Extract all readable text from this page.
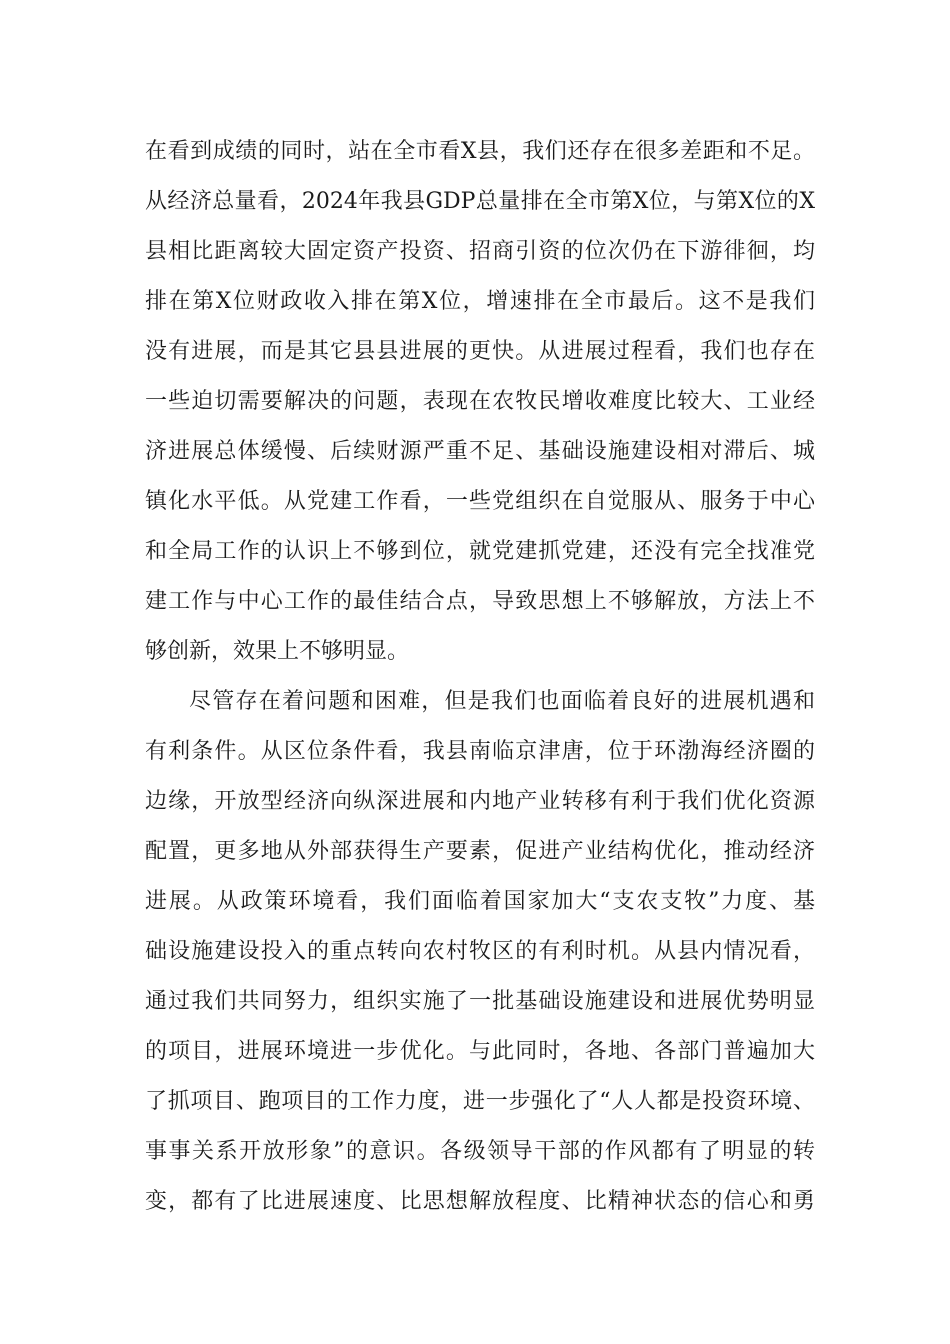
在看到成绩的同时，站在全市看X县，我们还存在很多差距和不足。
从经济总量看，2024年我县GDP总量排在全市第X位，与第X位的X
县相比距离较大固定资产投资、招商引资的位次仍在下游徘徊，均
排在第X位财政收入排在第X位，增速排在全市最后。这不是我们
没有进展，而是其它县县进展的更快。从进展过程看，我们也存在
一些迫切需要解决的问题，表现在农牧民增收难度比较大、工业经
济进展总体缓慢、后续财源严重不足、基础设施建设相对滞后、城
镇化水平低。从党建工作看，一些党组织在自觉服从、服务于中心
和全局工作的认识上不够到位，就党建抓党建，还没有完全找准党
建工作与中心工作的最佳结合点，导致思想上不够解放，方法上不
够创新，效果上不够明显。
尽管存在着问题和困难，但是我们也面临着良好的进展机遇和
有利条件。从区位条件看，我县南临京津唐，位于环渤海经济圈的
边缘，开放型经济向纵深进展和内地产业转移有利于我们优化资源
配置，更多地从外部获得生产要素，促进产业结构优化，推动经济
进展。从政策环境看，我们面临着国家加大“支农支牧”力度、基
础设施建设投入的重点转向农村牧区的有利时机。从县内情况看，
通过我们共同努力，组织实施了一批基础设施建设和进展优势明显
的项目，进展环境进一步优化。与此同时，各地、各部门普遍加大
了抓项目、跑项目的工作力度，进一步强化了“人人都是投资环境、
事事关系开放形象”的意识。各级领导干部的作风都有了明显的转
变，都有了比进展速度、比思想解放程度、比精神状态的信心和勇
